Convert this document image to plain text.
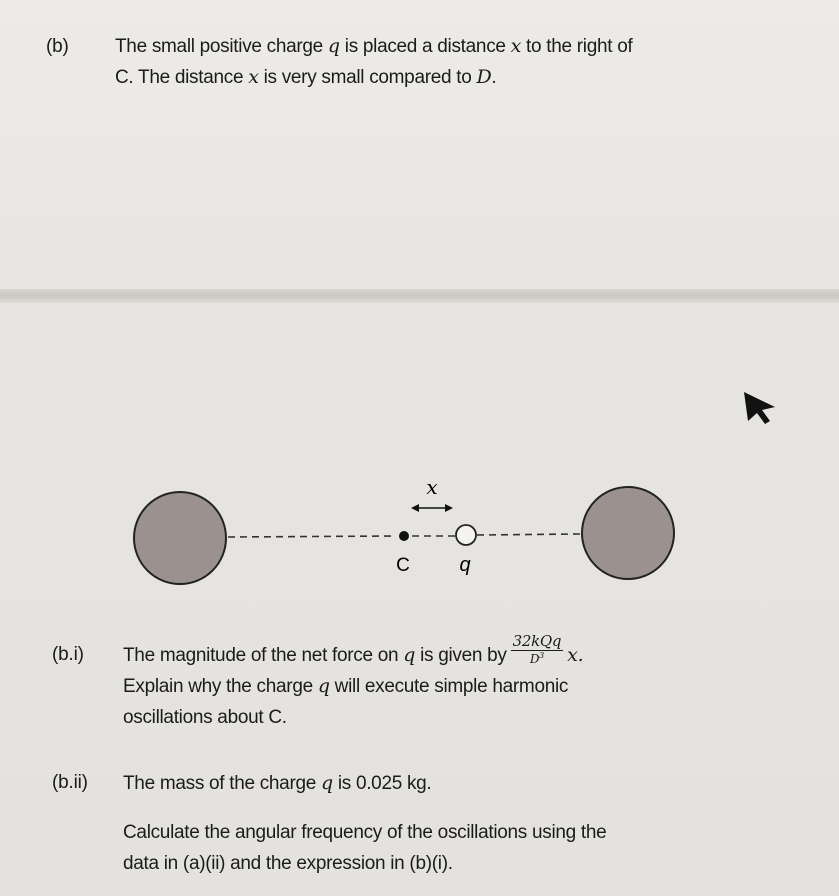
(b) The small positive charge q is placed a distance x to the right of
C. The distance x is very small compared to D.
x
C q
(b.i) The magnitude of the net force on q is given by $\frac{\text{32kQq}}{D^3} x$.
Explain why the charge q will execute simple harmonic
oscillations about C.
(b.ii) The mass of the charge q is 0.025 kg.
Calculate the angular frequency of the oscillations using the
data in (a)(ii) and the expression in (b)(i).
